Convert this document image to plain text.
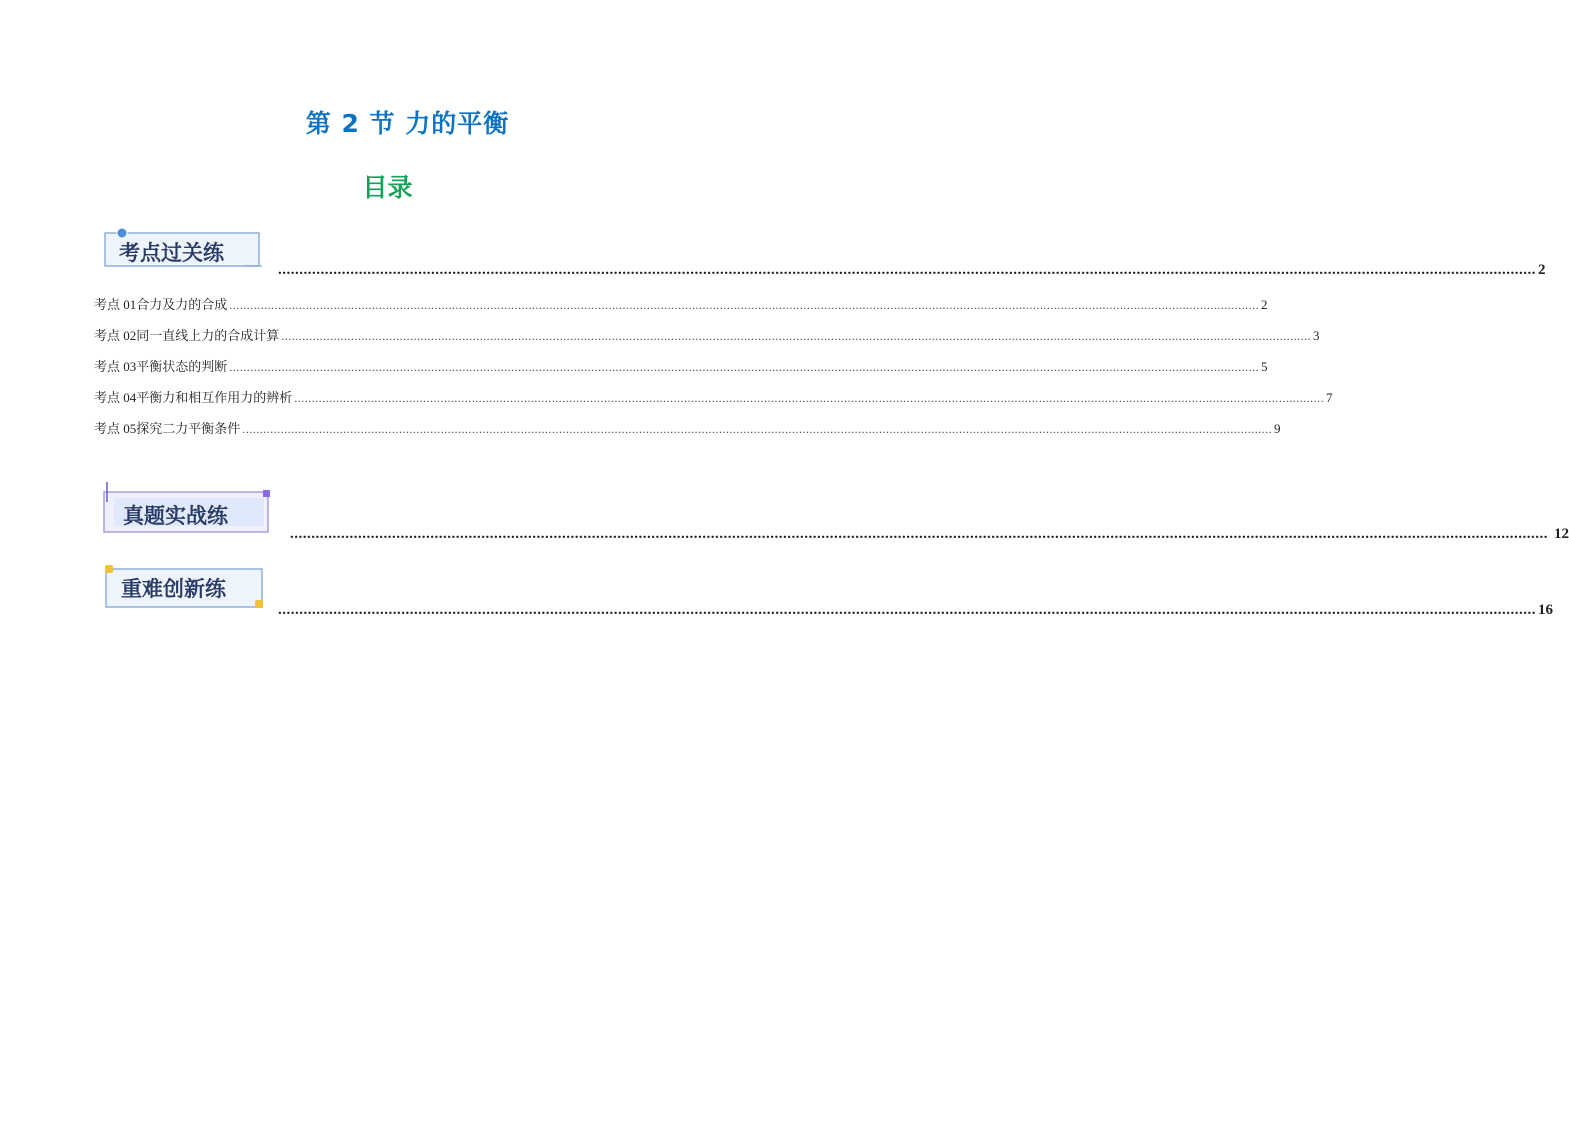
第 2 节 力的平衡
目录
考点过关练
........................................................................................................................................................................................................................................................................................................ 2
考点 01 合力及力的合成 ........................................................................................................................................................................................................................................................................................................ 2
考点 02 同一直线上力的合成计算 ........................................................................................................................................................................................................................................................................................................ 3
考点 03 平衡状态的判断 ........................................................................................................................................................................................................................................................................................................ 5
考点 04 平衡力和相互作用力的辨析 ........................................................................................................................................................................................................................................................................................................ 7
考点 05 探究二力平衡条件 ........................................................................................................................................................................................................................................................................................................ 9
真题实战练
........................................................................................................................................................................................................................................................................................................ 12
重难创新练
........................................................................................................................................................................................................................................................................................................ 16
